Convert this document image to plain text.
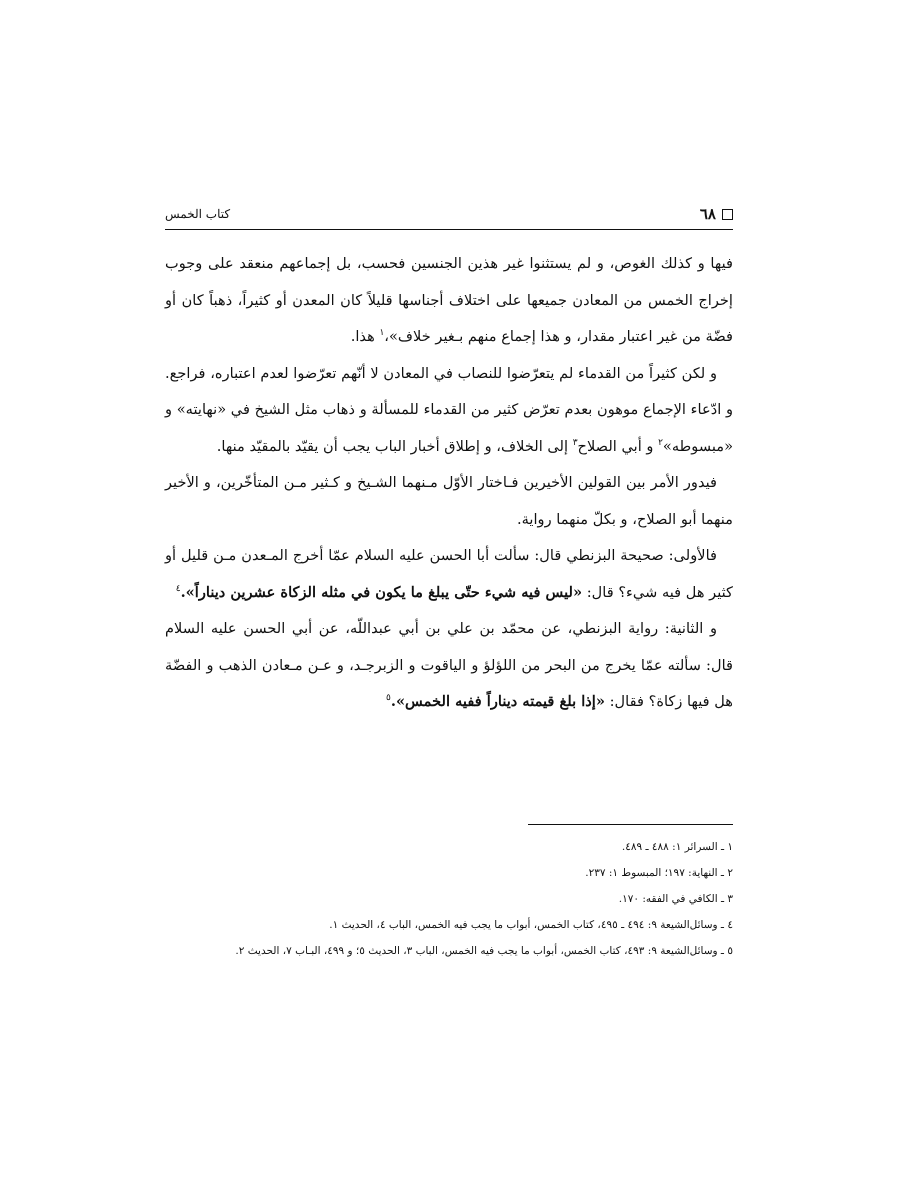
٦٨
كتاب الخمس

فيها و كذلك الغوص، و لم يستثنوا غير هذين الجنسين فحسب، بل إجماعهم منعقد على وجوب إخراج الخمس من المعادن جميعها على اختلاف أجناسها قليلاً كان المعدن أو كثيراً، ذهباً كان أو فضّة من غير اعتبار مقدار، و هذا إجماع منهم بـغير خلاف»،$^١$ هذا.

و لكن كثيراً من القدماء لم يتعرّضوا للنصاب في المعادن لا أنّهم تعرّضوا لعدم اعتباره، فراجع. و ادّعاء الإجماع موهون بعدم تعرّض كثير من القدماء للمسألة و ذهاب مثل الشيخ في «نهايته» و «مبسوطه»$^٢$ و أبي الصلاح$^٣$ إلى الخلاف، و إطلاق أخبار الباب يجب أن يقيّد بالمقيّد منها.

فيدور الأمر بين القولين الأخيرين فـاختار الأوّل مـنهما الشـيخ و كـثير مـن المتأخّرين، و الأخير منهما أبو الصلاح، و بكلّ منهما رواية.

فالأولى: صحيحة البزنطي قال: سألت أبا الحسن عليه السلام عمّا أخرج المـعدن مـن قليل أو كثير هل فيه شيء؟ قال: «ليس فيه شيء حتّى يبلغ ما يكون في مثله الزكاة عشرين ديناراً».$^٤$

و الثانية: رواية البزنطي، عن محمّد بن علي بن أبي عبداللّه، عن أبي الحسن عليه السلام قال: سألته عمّا يخرج من البحر من اللؤلؤ و الياقوت و الزبرجـد، و عـن مـعادن الذهب و الفضّة هل فيها زكاة؟ فقال: «إذا بلغ قيمته ديناراً ففيه الخمس».$^٥$

١ ـ السرائر ١: ٤٨٨ ـ ٤٨٩.

٢ ـ النهاية: ١٩٧؛ المبسوط ١: ٢٣٧.

٣ ـ الكافي في الفقه: ١٧٠.

٤ ـ وسائل‌الشيعة ٩: ٤٩٤ ـ ٤٩٥، كتاب الخمس، أبواب ما يجب فيه الخمس، الباب ٤، الحديث ١.

٥ ـ وسائل‌الشيعة ٩: ٤٩٣، كتاب الخمس، أبواب ما يجب فيه الخمس، الباب ٣، الحديث ٥؛ و ٤٩٩، البـاب ٧، الحديث ٢.
